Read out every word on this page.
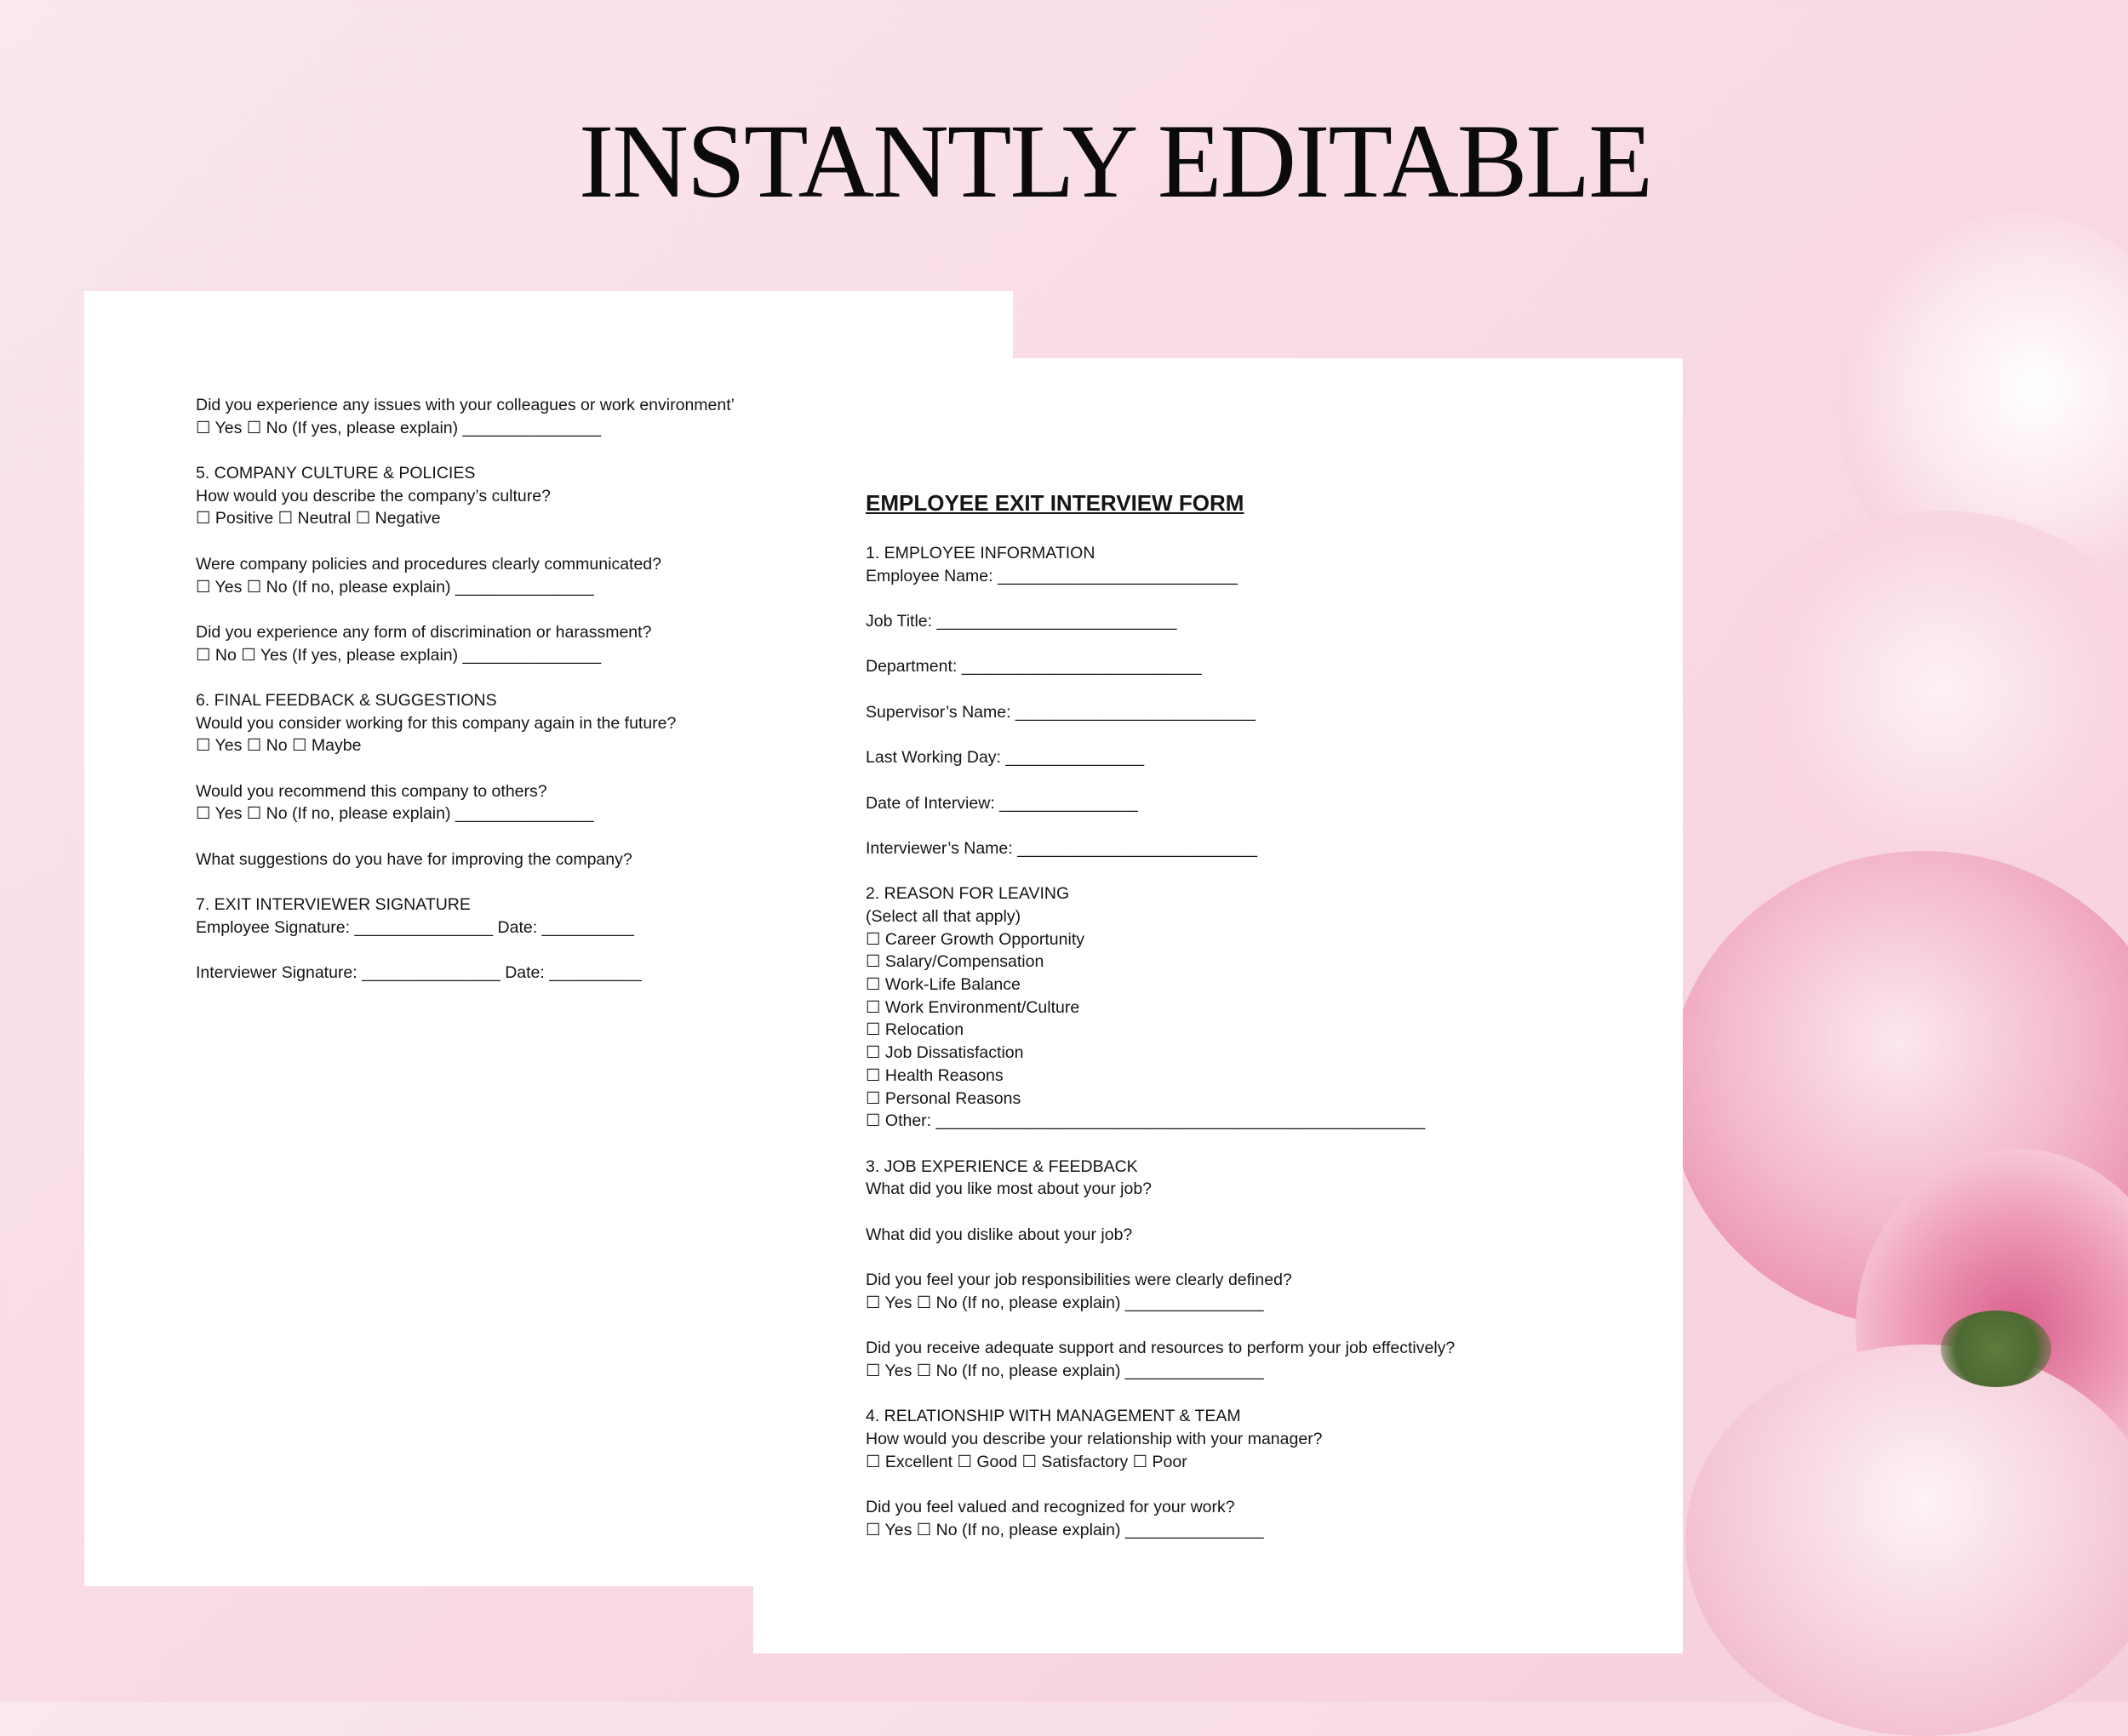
INSTANTLY EDITABLE
Did you experience any issues with your colleagues or work environment’
☐ Yes ☐ No (If yes, please explain) _______________
5. COMPANY CULTURE & POLICIES
How would you describe the company’s culture?
☐ Positive ☐ Neutral ☐ Negative
Were company policies and procedures clearly communicated?
☐ Yes ☐ No (If no, please explain) _______________
Did you experience any form of discrimination or harassment?
☐ No ☐ Yes (If yes, please explain) _______________
6. FINAL FEEDBACK & SUGGESTIONS
Would you consider working for this company again in the future?
☐ Yes ☐ No ☐ Maybe
Would you recommend this company to others?
☐ Yes ☐ No (If no, please explain) _______________
What suggestions do you have for improving the company?
7. EXIT INTERVIEWER SIGNATURE
Employee Signature: _______________ Date: __________
Interviewer Signature: _______________ Date: __________
EMPLOYEE EXIT INTERVIEW FORM
1. EMPLOYEE INFORMATION
Employee Name: __________________________
Job Title: __________________________
Department: __________________________
Supervisor’s Name: __________________________
Last Working Day: _______________
Date of Interview: _______________
Interviewer’s Name: __________________________
2. REASON FOR LEAVING
(Select all that apply)
☐ Career Growth Opportunity
☐ Salary/Compensation
☐ Work-Life Balance
☐ Work Environment/Culture
☐ Relocation
☐ Job Dissatisfaction
☐ Health Reasons
☐ Personal Reasons
☐ Other: _____________________________________________________
3. JOB EXPERIENCE & FEEDBACK
What did you like most about your job?
What did you dislike about your job?
Did you feel your job responsibilities were clearly defined?
☐ Yes ☐ No (If no, please explain) _______________
Did you receive adequate support and resources to perform your job effectively?
☐ Yes ☐ No (If no, please explain) _______________
4. RELATIONSHIP WITH MANAGEMENT & TEAM
How would you describe your relationship with your manager?
☐ Excellent ☐ Good ☐ Satisfactory ☐ Poor
Did you feel valued and recognized for your work?
☐ Yes ☐ No (If no, please explain) _______________
